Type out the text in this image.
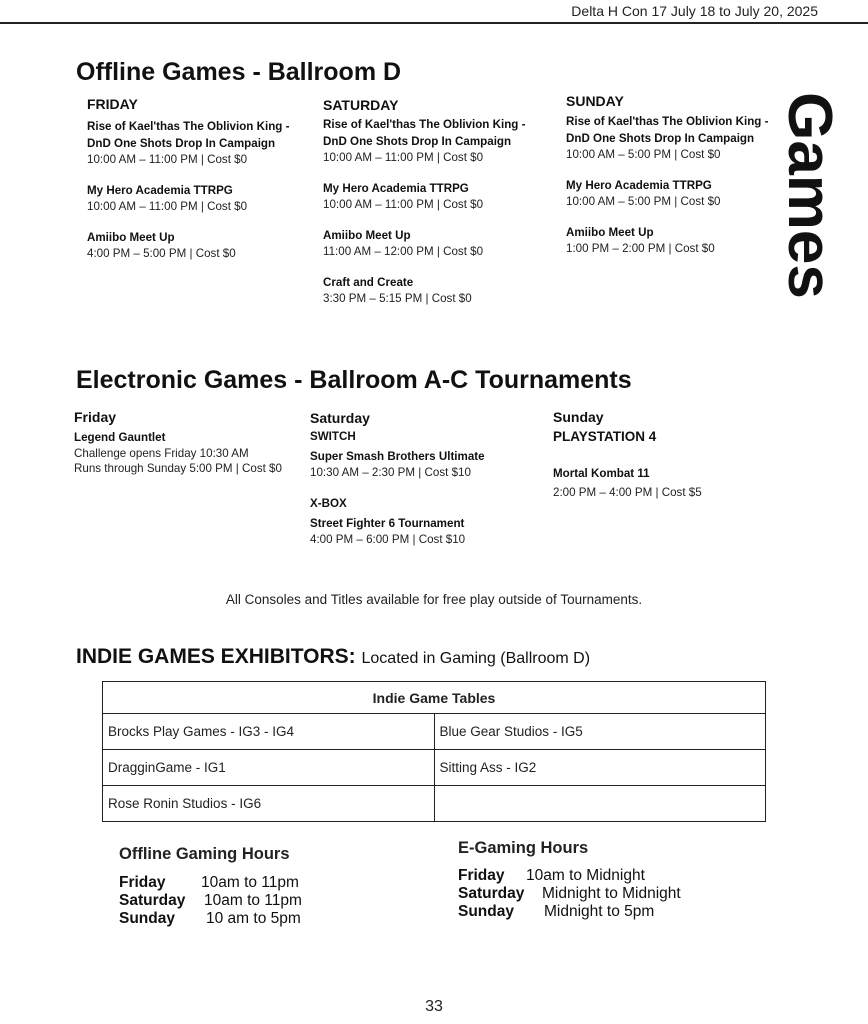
Delta H Con 17 July 18 to July 20, 2025
Games
Offline Games - Ballroom D
FRIDAY
Rise of Kael'thas The Oblivion King - DnD One Shots Drop In Campaign
10:00 AM – 11:00 PM | Cost $0
My Hero Academia TTRPG
10:00 AM – 11:00 PM | Cost $0
Amiibo Meet Up
4:00 PM – 5:00 PM | Cost $0
SATURDAY
Rise of Kael'thas The Oblivion King - DnD One Shots Drop In Campaign
10:00 AM – 11:00 PM | Cost $0
My Hero Academia TTRPG
10:00 AM – 11:00 PM | Cost $0
Amiibo Meet Up
11:00 AM – 12:00 PM | Cost $0
Craft and Create
3:30 PM – 5:15 PM | Cost $0
SUNDAY
Rise of Kael'thas The Oblivion King - DnD One Shots Drop In Campaign
10:00 AM – 5:00 PM | Cost $0
My Hero Academia TTRPG
10:00 AM – 5:00 PM | Cost $0
Amiibo Meet Up
1:00 PM – 2:00 PM | Cost $0
Electronic Games - Ballroom A-C Tournaments
Friday
Legend Gauntlet
Challenge opens Friday 10:30 AM
Runs through Sunday 5:00 PM | Cost $0
Saturday
SWITCH
Super Smash Brothers Ultimate
10:30 AM – 2:30 PM | Cost $10
X-BOX
Street Fighter 6 Tournament
4:00 PM – 6:00 PM | Cost $10
Sunday
PLAYSTATION 4
Mortal Kombat 11
2:00 PM – 4:00 PM | Cost $5
All Consoles and Titles available for free play outside of Tournaments.
INDIE GAMES EXHIBITORS: Located in Gaming (Ballroom D)
Indie Game Tables	
Brocks Play Games - IG3 - IG4	Blue Gear Studios - IG5
DragginGame - IG1	Sitting Ass - IG2
Rose Ronin Studios - IG6	
Offline Gaming Hours
Friday 10am to 11pm
Saturday 10am to 11pm
Sunday 10 am to 5pm
E-Gaming Hours
Friday 10am to Midnight
Saturday Midnight to Midnight
Sunday Midnight to 5pm
33
